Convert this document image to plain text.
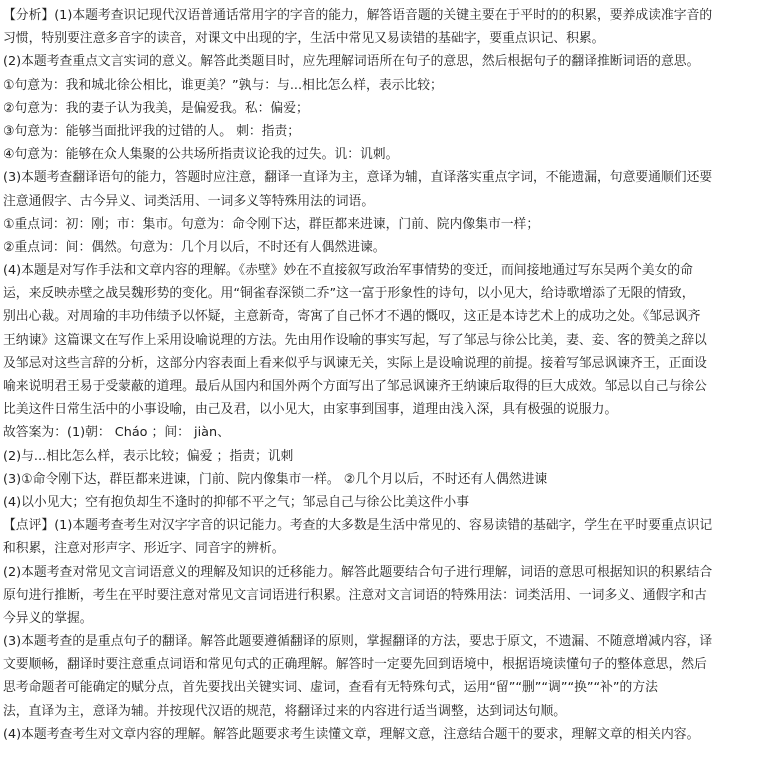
【分析】(1)本题考查识记现代汉语普通话常用字的字音的能力，解答语音题的关键主要在于平时的的积累，要养成读准字音的
习惯，特别要注意多音字的读音，对课文中出现的字，生活中常见又易读错的基础字，要重点识记、积累。
(2)本题考查重点文言实词的意义。解答此类题目时，应先理解词语所在句子的意思，然后根据句子的翻译推断词语的意思。
①句意为：我和城北徐公相比，谁更美？”孰与：与...相比怎么样，表示比较；
②句意为：我的妻子认为我美，是偏爱我。私：偏爱；
③句意为：能够当面批评我的过错的人。 刺：指责；
④句意为：能够在众人集聚的公共场所指责议论我的过失。讥：讥刺。
(3)本题考查翻译语句的能力，答题时应注意，翻译一直译为主，意译为辅，直译落实重点字词，不能遗漏，句意要通顺们还要
注意通假字、古今异义、词类活用、一词多义等特殊用法的词语。
①重点词：初：刚；市：集市。句意为：命令刚下达，群臣都来进谏，门前、院内像集市一样；
②重点词：间：偶然。句意为：几个月以后，不时还有人偶然进谏。
(4)本题是对写作手法和文章内容的理解。《赤壁》妙在不直接叙写政治军事情势的变迁，而间接地通过写东吴两个美女的命
运，来反映赤壁之战吴魏形势的变化。用“铜雀春深锁二乔”这一富于形象性的诗句，以小见大，给诗歌增添了无限的情致，
别出心裁。对周瑜的丰功伟绩予以怀疑，主意新奇，寄寓了自己怀才不遇的慨叹，这正是本诗艺术上的成功之处。《邹忌讽齐
王纳谏》这篇课文在写作上采用设喻说理的方法。先由用作设喻的事实写起，写了邹忌与徐公比美，妻、妾、客的赞美之辞以
及邹忌对这些言辞的分析，这部分内容表面上看来似乎与讽谏无关，实际上是设喻说理的前提。接着写邹忌讽谏齐王，正面设
喻来说明君王易于受蒙蔽的道理。最后从国内和国外两个方面写出了邹忌讽谏齐王纳谏后取得的巨大成效。邹忌以自己与徐公
比美这件日常生活中的小事设喻，由己及君，以小见大，由家事到国事，道理由浅入深，具有极强的说服力。
故答案为：(1)朝： Cháo ；间： jiàn、
(2)与...相比怎么样，表示比较；偏爱 ；指责；讥刺
(3)①命令刚下达，群臣都来进谏，门前、院内像集市一样。 ②几个月以后，不时还有人偶然进谏
(4)以小见大；空有抱负却生不逢时的抑郁不平之气；邹忌自己与徐公比美这件小事
【点评】(1)本题考查考生对汉字字音的识记能力。考查的大多数是生活中常见的、容易读错的基础字，学生在平时要重点识记
和积累，注意对形声字、形近字、同音字的辨析。
(2)本题考查对常见文言词语意义的理解及知识的迁移能力。解答此题要结合句子进行理解，词语的意思可根据知识的积累结合
原句进行推断，考生在平时要注意对常见文言词语进行积累。注意对文言词语的特殊用法：词类活用、一词多义、通假字和古
今异义的掌握。
(3)本题考查的是重点句子的翻译。解答此题要遵循翻译的原则，掌握翻译的方法，要忠于原文，不遗漏、不随意增减内容，译
文要顺畅，翻译时要注意重点词语和常见句式的正确理解。解答时一定要先回到语境中，根据语境读懂句子的整体意思，然后
思考命题者可能确定的赋分点，首先要找出关键实词、虚词，查看有无特殊句式，运用“留”“删”“调”“换”“补”的方法
法，直译为主，意译为辅。并按现代汉语的规范，将翻译过来的内容进行适当调整，达到词达句顺。
(4)本题考查考生对文章内容的理解。解答此题要求考生读懂文章，理解文意，注意结合题干的要求，理解文章的相关内容。
